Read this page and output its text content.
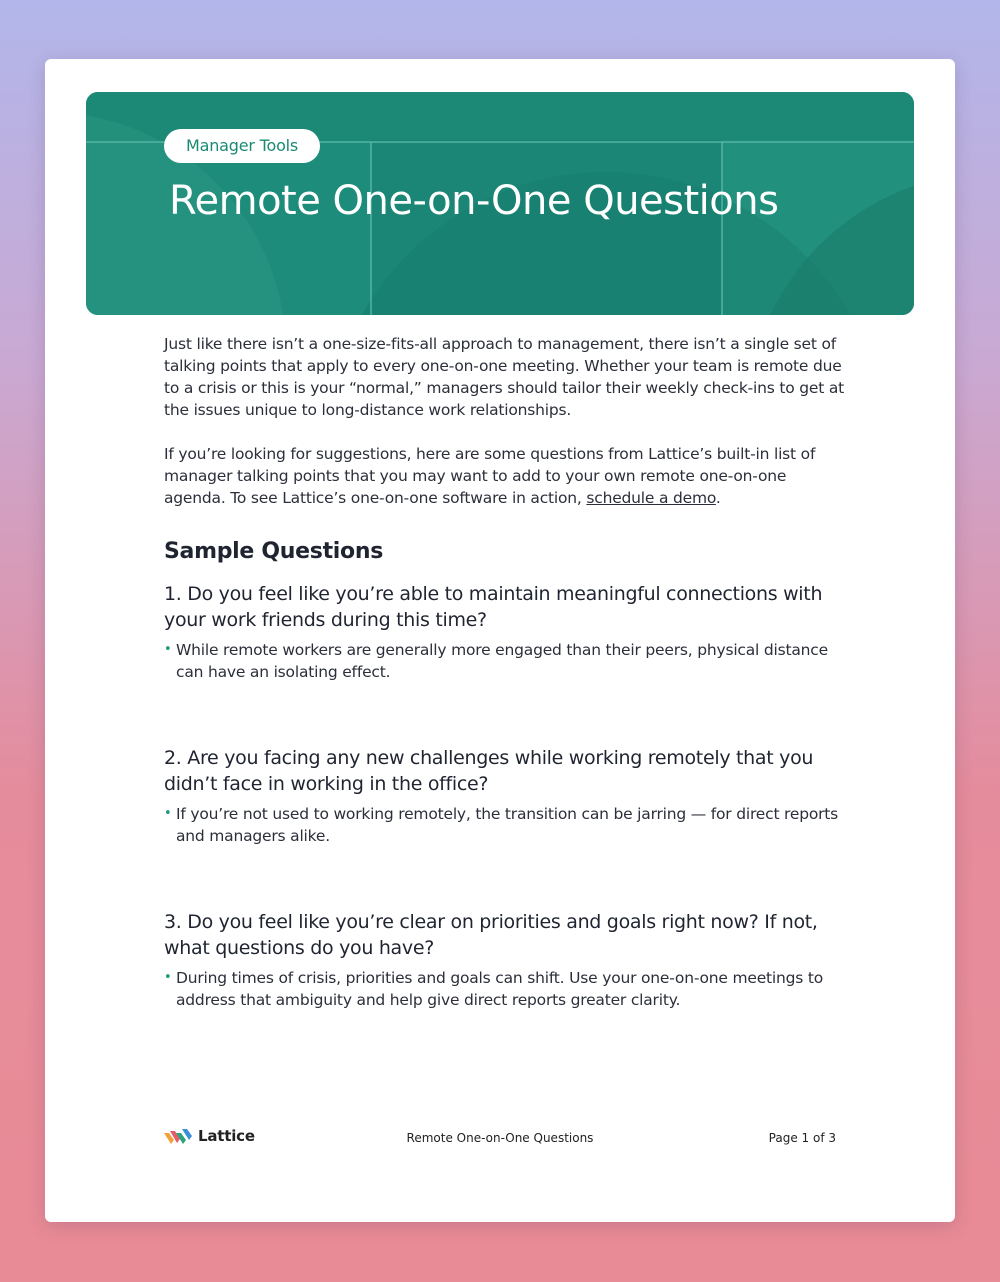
Manager Tools
Remote One-on-One Questions

Just like there isn’t a one-size-fits-all approach to management, there isn’t a single set of talking points that apply to every one-on-one meeting. Whether your team is remote due to a crisis or this is your “normal,” managers should tailor their weekly check-ins to get at the issues unique to long-distance work relationships.

If you’re looking for suggestions, here are some questions from Lattice’s built-in list of manager talking points that you may want to add to your own remote one-on-one agenda. To see Lattice’s one-on-one software in action, schedule a demo.

Sample Questions
1. Do you feel like you’re able to maintain meaningful connections with your work friends during this time?

• While remote workers are generally more engaged than their peers, physical distance can have an isolating effect.

2. Are you facing any new challenges while working remotely that you didn’t face in working in the office?

• If you’re not used to working remotely, the transition can be jarring — for direct reports and managers alike.

3. Do you feel like you’re clear on priorities and goals right now? If not, what questions do you have?

• During times of crisis, priorities and goals can shift. Use your one-on-one meetings to address that ambiguity and help give direct reports greater clarity.

Lattice	Remote One-on-One Questions	Page 1 of 3
